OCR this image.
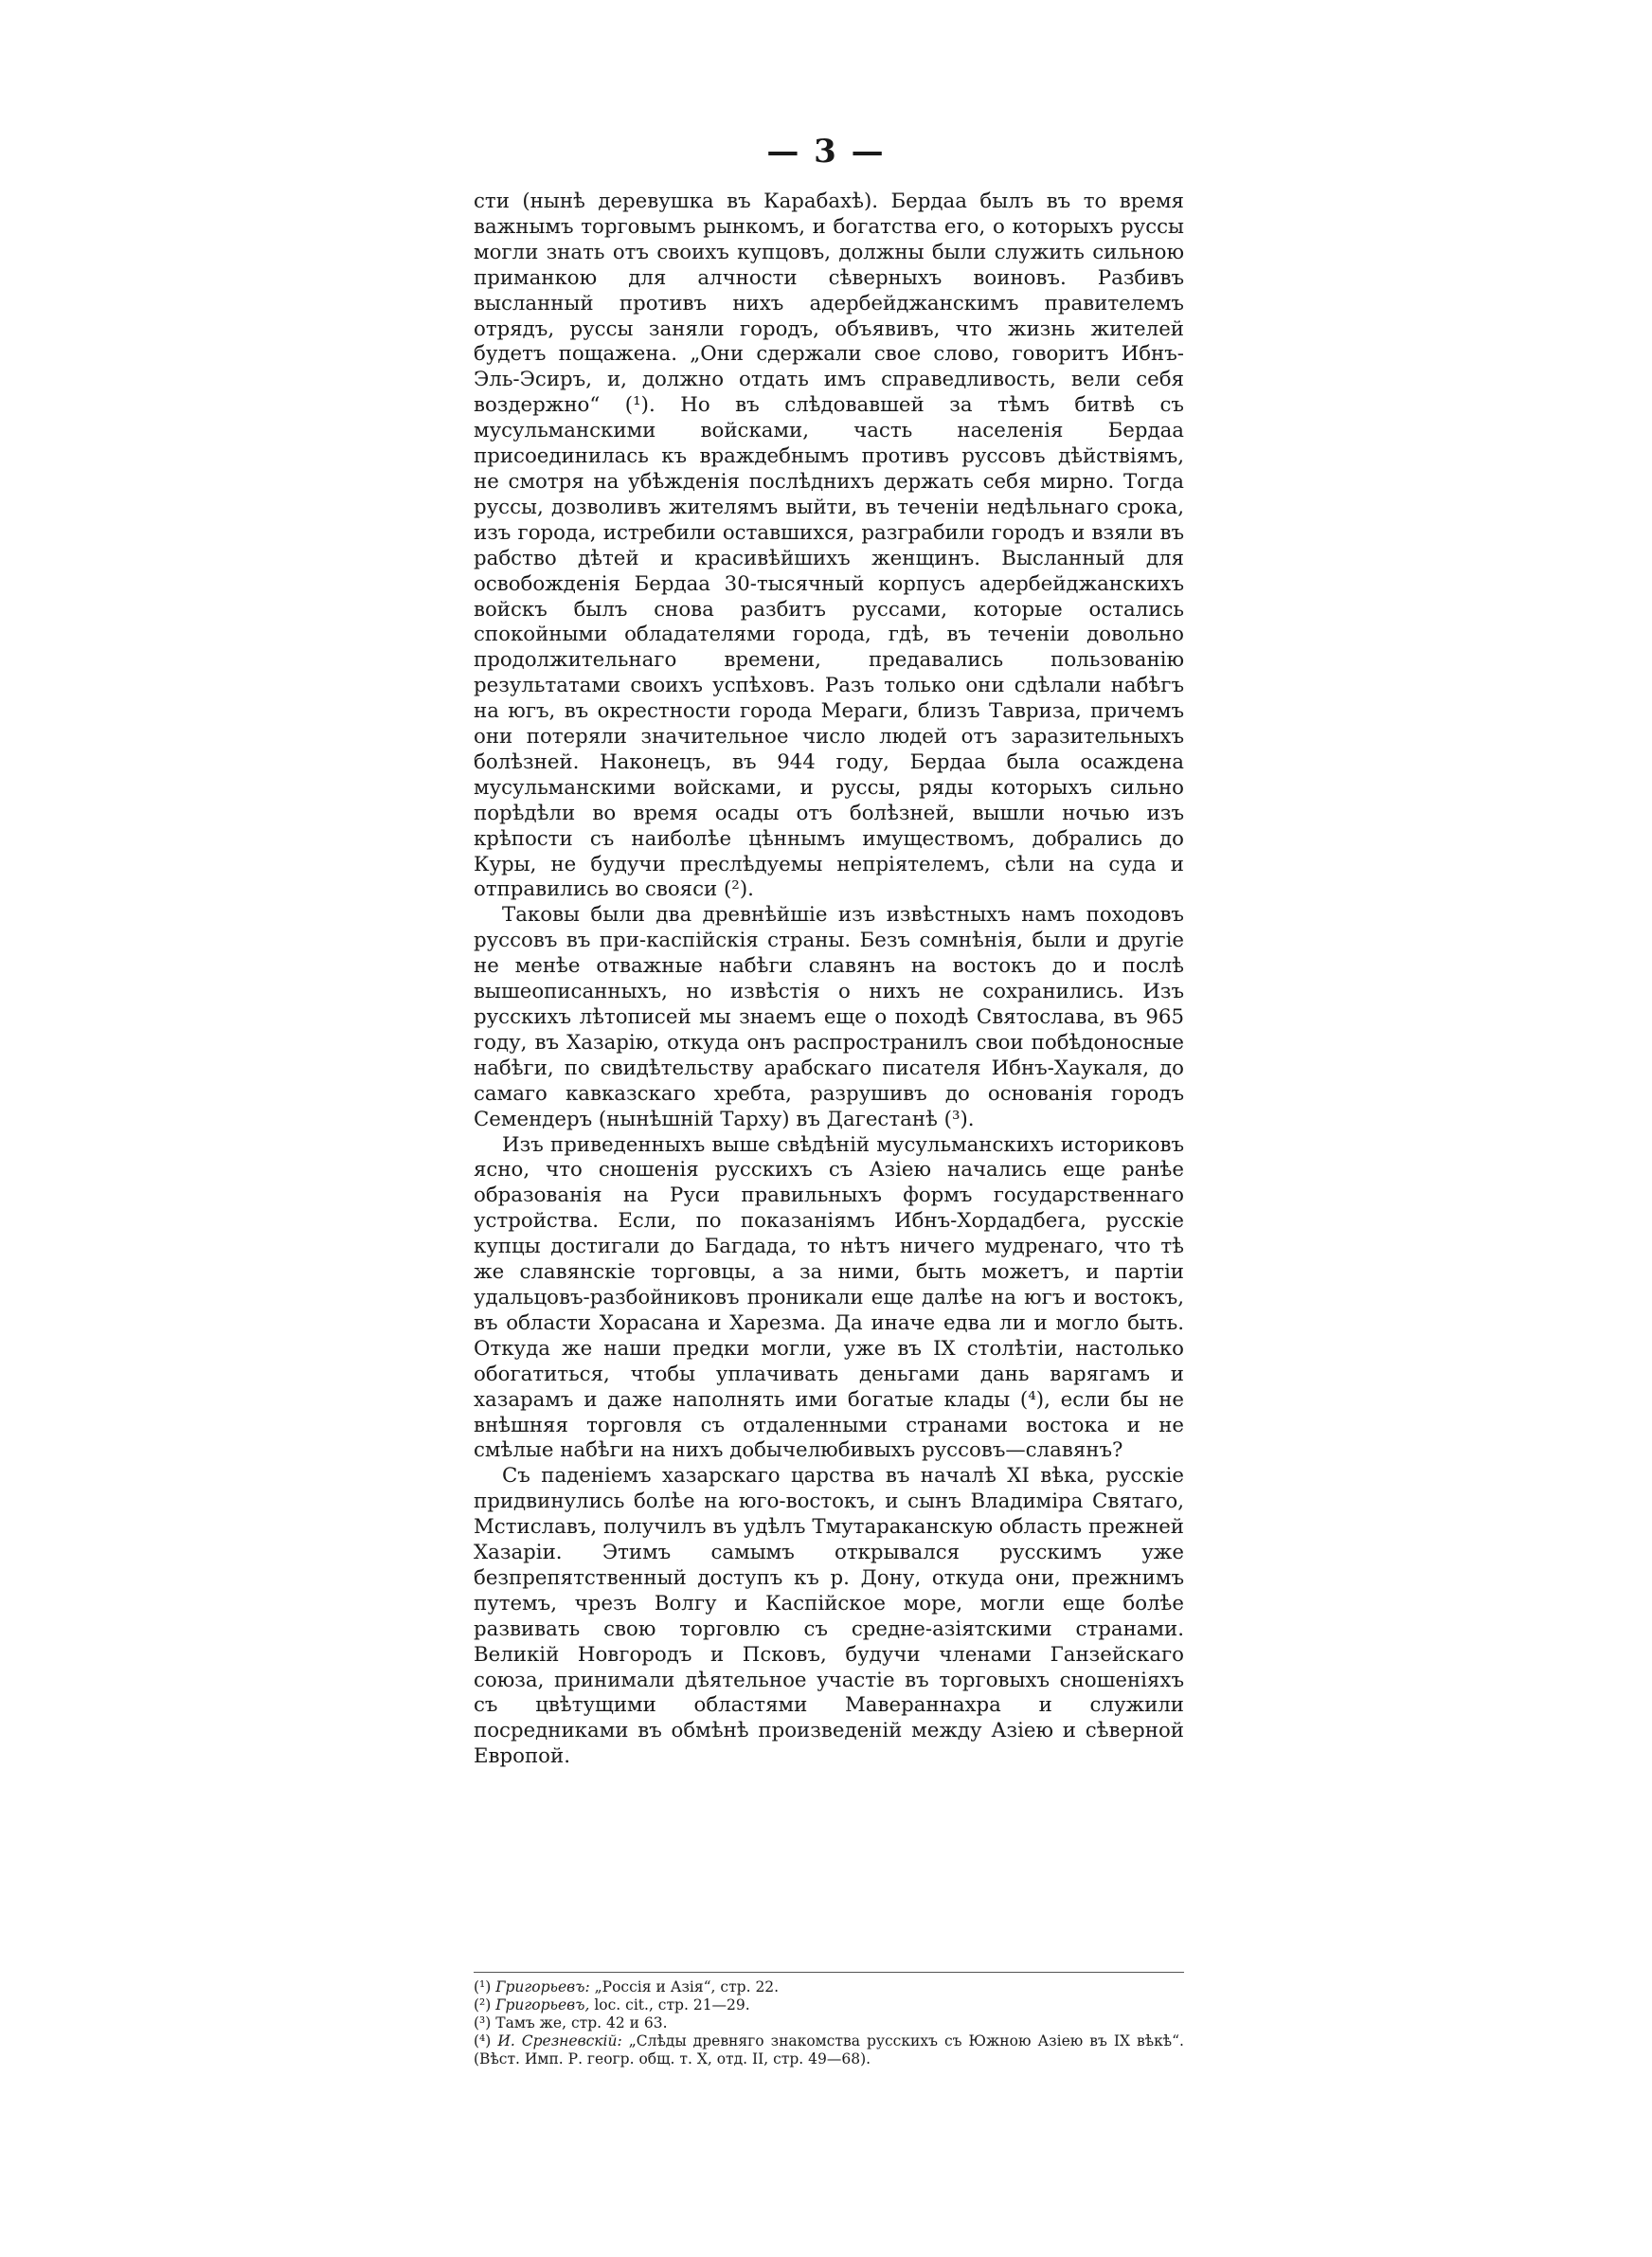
— 3 —

сти (нынѣ деревушка въ Карабахѣ). Бердаа былъ въ то время важнымъ торговымъ рынкомъ, и богатства его, о которыхъ руссы могли знать отъ своихъ купцовъ, должны были служить сильною приманкою для алчности сѣверныхъ воиновъ. Разбивъ высланный противъ нихъ адербейджанскимъ правителемъ отрядъ, руссы заняли городъ, объявивъ, что жизнь жителей будетъ пощажена. „Они сдержали свое слово, говоритъ Ибнъ-Эль-Эсиръ, и, должно отдать имъ справедливость, вели себя воздержно“ (¹). Но въ слѣдовавшей за тѣмъ битвѣ съ мусульманскими войсками, часть населенія Бердаа присоединилась къ враждебнымъ противъ руссовъ дѣйствіямъ, не смотря на убѣжденія послѣднихъ держать себя мирно. Тогда руссы, дозволивъ жителямъ выйти, въ теченіи недѣльнаго срока, изъ города, истребили оставшихся, разграбили городъ и взяли въ рабство дѣтей и красивѣйшихъ женщинъ. Высланный для освобожденія Бердаа 30-тысячный корпусъ адербейджанскихъ войскъ былъ снова разбитъ руссами, которые остались спокойными обладателями города, гдѣ, въ теченіи довольно продолжительнаго времени, предавались пользованію результатами своихъ успѣховъ. Разъ только они сдѣлали набѣгъ на югъ, въ окрестности города Мераги, близъ Тавриза, причемъ они потеряли значительное число людей отъ заразительныхъ болѣзней. Наконецъ, въ 944 году, Бердаа была осаждена мусульманскими войсками, и руссы, ряды которыхъ сильно порѣдѣли во время осады отъ болѣзней, вышли ночью изъ крѣпости съ наиболѣе цѣннымъ имуществомъ, добрались до Куры, не будучи преслѣдуемы непріятелемъ, сѣли на суда и отправились во свояси (²).

Таковы были два древнѣйшіе изъ извѣстныхъ намъ походовъ руссовъ въ при-каспійскія страны. Безъ сомнѣнія, были и другіе не менѣе отважные набѣги славянъ на востокъ до и послѣ вышеописанныхъ, но извѣстія о нихъ не сохранились. Изъ русскихъ лѣтописей мы знаемъ еще о походѣ Святослава, въ 965 году, въ Хазарію, откуда онъ распространилъ свои побѣдоносные набѣги, по свидѣтельству арабскаго писателя Ибнъ-Хаукаля, до самаго кавказскаго хребта, разрушивъ до основанія городъ Семендеръ (нынѣшній Тарху) въ Дагестанѣ (³).

Изъ приведенныхъ выше свѣдѣній мусульманскихъ историковъ ясно, что сношенія русскихъ съ Азіею начались еще ранѣе образованія на Руси правильныхъ формъ государственнаго устройства. Если, по показаніямъ Ибнъ-Хордадбега, русскіе купцы достигали до Багдада, то нѣтъ ничего мудренаго, что тѣ же славянскіе торговцы, а за ними, быть можетъ, и партіи удальцовъ-разбойниковъ проникали еще далѣе на югъ и востокъ, въ области Хорасана и Харезма. Да иначе едва ли и могло быть. Откуда же наши предки могли, уже въ IX столѣтіи, настолько обогатиться, чтобы уплачивать деньгами дань варягамъ и хазарамъ и даже наполнять ими богатые клады (⁴), если бы не внѣшняя торговля съ отдаленными странами востока и не смѣлые набѣги на нихъ добычелюбивыхъ руссовъ—славянъ?

Съ паденіемъ хазарскаго царства въ началѣ XI вѣка, русскіе придвинулись болѣе на юго-востокъ, и сынъ Владиміра Святаго, Мстиславъ, получилъ въ удѣлъ Тмутараканскую область прежней Хазаріи. Этимъ самымъ открывался русскимъ уже безпрепятственный доступъ къ р. Дону, откуда они, прежнимъ путемъ, чрезъ Волгу и Каспійское море, могли еще болѣе развивать свою торговлю съ средне-азіятскими странами. Великій Новгородъ и Псковъ, будучи членами Ганзейскаго союза, принимали дѣятельное участіе въ торговыхъ сношеніяхъ съ цвѣтущими областями Мавераннахра и служили посредниками въ обмѣнѣ произведеній между Азіею и сѣверной Европой.

(¹) Григорьевъ: „Россія и Азія“, стр. 22.

(²) Григорьевъ, loc. cit., стр. 21—29.

(³) Тамъ же, стр. 42 и 63.

(⁴) И. Срезневскій: „Слѣды древняго знакомства русскихъ съ Южною Азіею въ IX вѣкѣ“. (Вѣст. Имп. Р. геогр. общ. т. X, отд. II, стр. 49—68).
